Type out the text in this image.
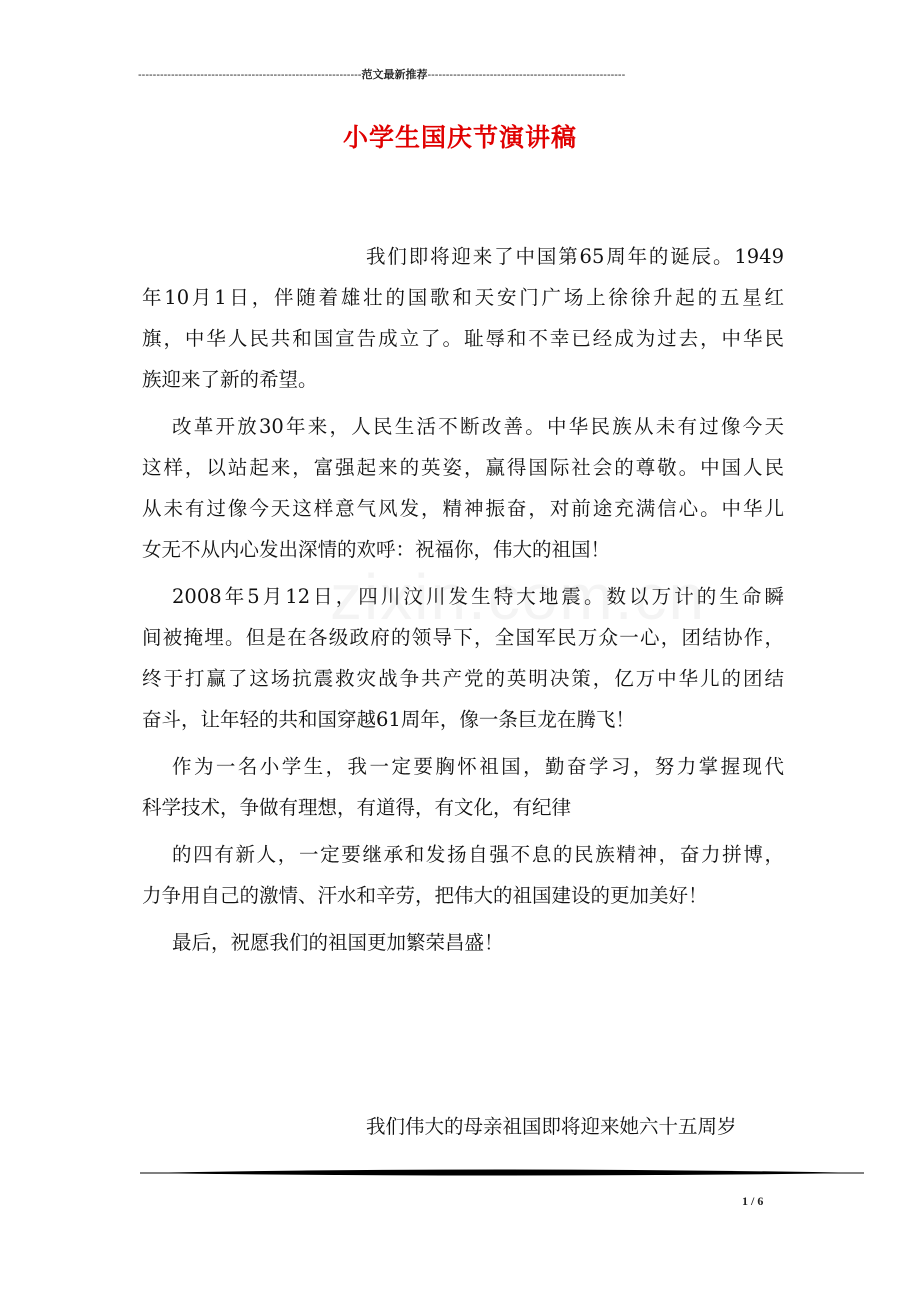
-------------------------------------------------------------范文最新推荐------------------------------------------------------
小学生国庆节演讲稿
我们即将迎来了中国第65周年的诞辰。1949
年10月1日，伴随着雄壮的国歌和天安门广场上徐徐升起的五星红
旗，中华人民共和国宣告成立了。耻辱和不幸已经成为过去，中华民
族迎来了新的希望。
改革开放30年来，人民生活不断改善。中华民族从未有过像今天
这样，以站起来，富强起来的英姿，赢得国际社会的尊敬。中国人民
从未有过像今天这样意气风发，精神振奋，对前途充满信心。中华儿
女无不从内心发出深情的欢呼：祝福你，伟大的祖国！
2008年5月12日，四川汶川发生特大地震。数以万计的生命瞬
间被掩埋。但是在各级政府的领导下，全国军民万众一心，团结协作，
终于打赢了这场抗震救灾战争共产党的英明决策，亿万中华儿的团结
奋斗，让年轻的共和国穿越61周年，像一条巨龙在腾飞！
作为一名小学生，我一定要胸怀祖国，勤奋学习，努力掌握现代
科学技术，争做有理想，有道得，有文化，有纪律
的四有新人，一定要继承和发扬自强不息的民族精神，奋力拼博，
力争用自己的激情、汗水和辛劳，把伟大的祖国建设的更加美好！
最后，祝愿我们的祖国更加繁荣昌盛！
我们伟大的母亲祖国即将迎来她六十五周岁
1 / 6
